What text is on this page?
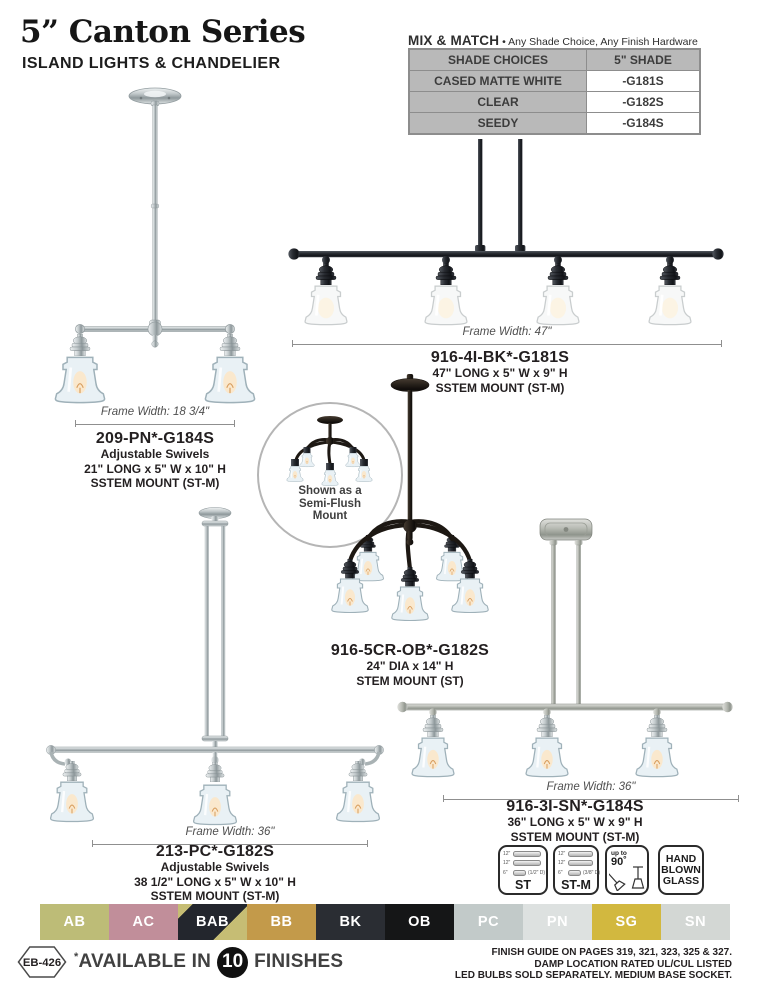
5” Canton Series
ISLAND LIGHTS & CHANDELIER
MIX & MATCH • Any Shade Choice, Any Finish Hardware
SHADE CHOICES	5" SHADE
CASED MATTE WHITE	-G181S
CLEAR	-G182S
SEEDY	-G184S
Frame Width: 18 3/4"
209-PN*-G184S
Adjustable Swivels
21" LONG x 5" W x 10" H
SSTEM MOUNT (ST-M)
Frame Width: 47"
916-4I-BK*-G181S
47" LONG x 5" W x 9" H
SSTEM MOUNT (ST-M)
Shown as a
Semi-Flush
Mount
916-5CR-OB*-G182S
24" DIA x 14" H
STEM MOUNT (ST)
Frame Width: 36"
213-PC*-G182S
Adjustable Swivels
38 1/2" LONG x 5" W x 10" H
SSTEM MOUNT (ST-M)
Frame Width: 36"
916-3I-SN*-G184S
36" LONG x 5" W x 9" H
SSTEM MOUNT (ST-M)
12"
12"
6"	(1/2" D)
ST
12"
12"
6"	(3/8" D)
ST-M
up to
90˚	HAND
BLOWN
GLASS
AB	AC	BAB	BB	BK	OB	PC	PN	SG	SN
EB-426
*AVAILABLE IN 10 FINISHES	FINISH GUIDE ON PAGES 319, 321, 323, 325 & 327.
DAMP LOCATION RATED UL/CUL LISTED
LED BULBS SOLD SEPARATELY. MEDIUM BASE SOCKET.
